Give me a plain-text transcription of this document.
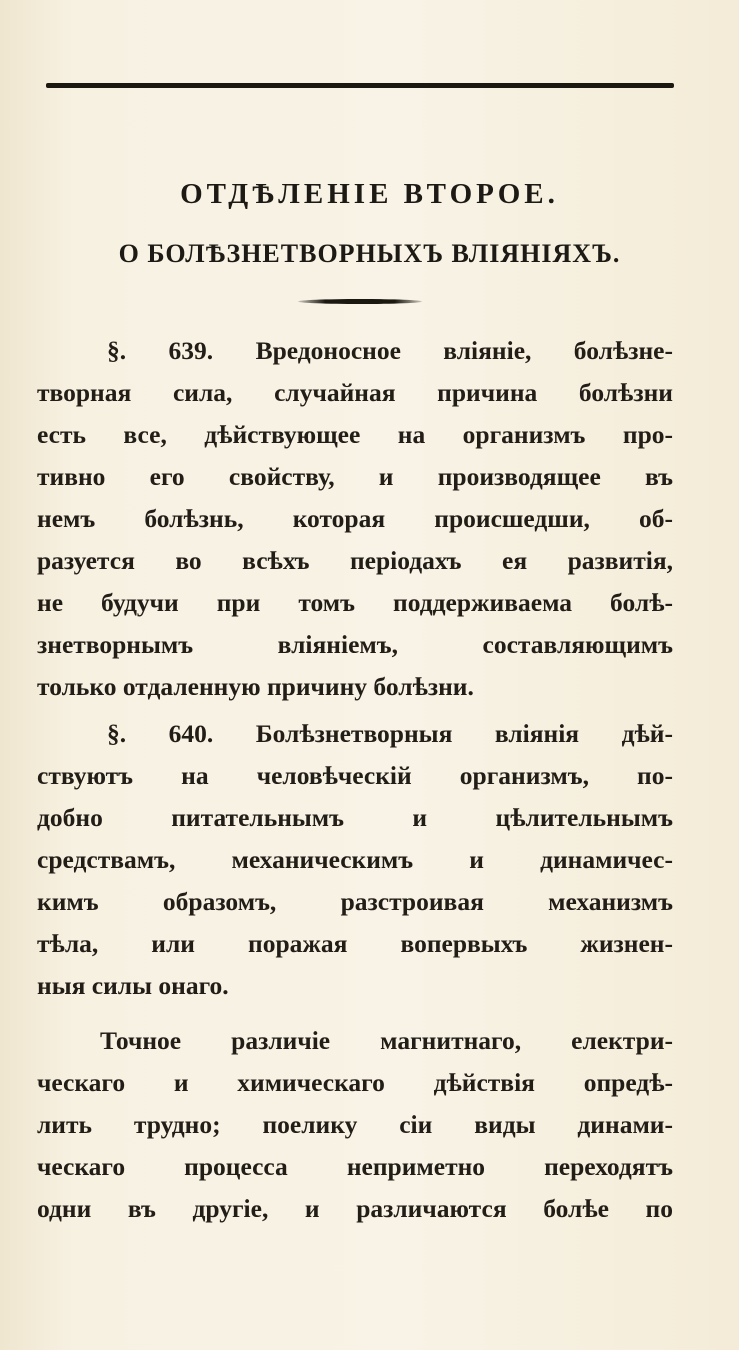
ОТДѢЛЕНІЕ ВТОРОЕ.
О БОЛѢЗНЕТВОРНЫХЪ ВЛІЯНІЯХЪ.
§. 639. Вредоносное вліяніе, болѣзне-
творная сила, случайная причина болѣзни
есть все, дѣйствующее на организмъ про-
тивно его свойству, и производящее въ
немъ болѣзнь, которая происшедши, об-
разуется во всѣхъ періодахъ ея развитія,
не будучи при томъ поддерживаема болѣ-
знетворнымъ вліяніемъ, составляющимъ
только отдаленную причину болѣзни.
§. 640. Болѣзнетворныя вліянія дѣй-
ствуютъ на человѣческій организмъ, по-
добно питательнымъ и цѣлительнымъ
средствамъ, механическимъ и динамичес-
кимъ образомъ, разстроивая механизмъ
тѣла, или поражая вопервыхъ жизнен-
ныя силы онаго.
Точное различіе магнитнаго, електри-
ческаго и химическаго дѣйствія опредѣ-
лить трудно; поелику сіи виды динами-
ческаго процесса неприметно переходятъ
одни въ другіе, и различаются болѣе по
